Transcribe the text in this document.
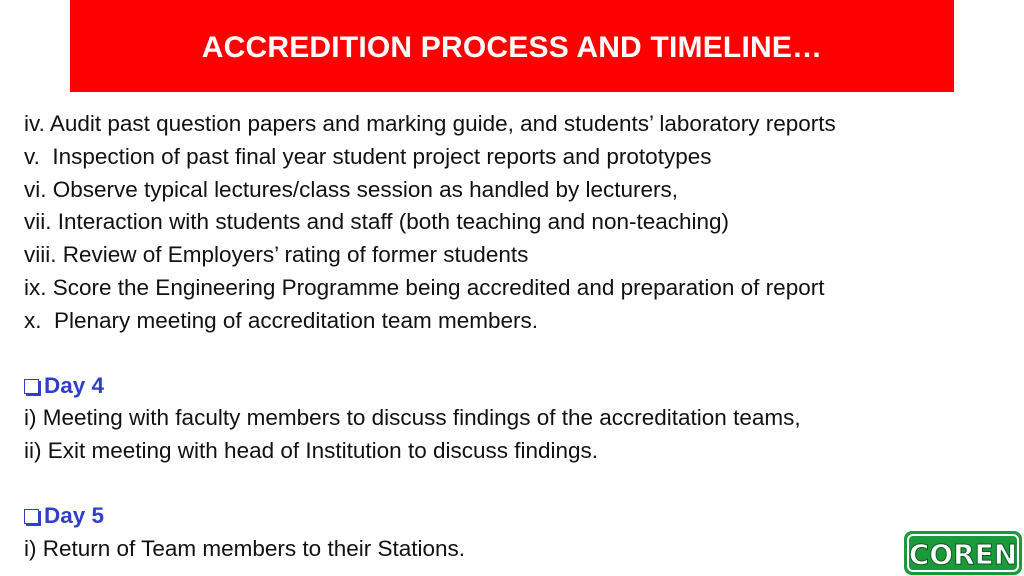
ACCREDITION PROCESS AND TIMELINE…
iv. Audit past question papers and marking guide, and students’ laboratory reports
v.  Inspection of past final year student project reports and prototypes
vi. Observe typical lectures/class session as handled by lecturers,
vii. Interaction with students and staff (both teaching and non-teaching)
viii. Review of Employers’ rating of former students
ix. Score the Engineering Programme being accredited and preparation of report
x.  Plenary meeting of accreditation team members.
Day 4
i) Meeting with faculty members to discuss findings of the accreditation teams,
ii) Exit meeting with head of Institution to discuss findings.
Day 5
i) Return of Team members to their Stations.	COREN
